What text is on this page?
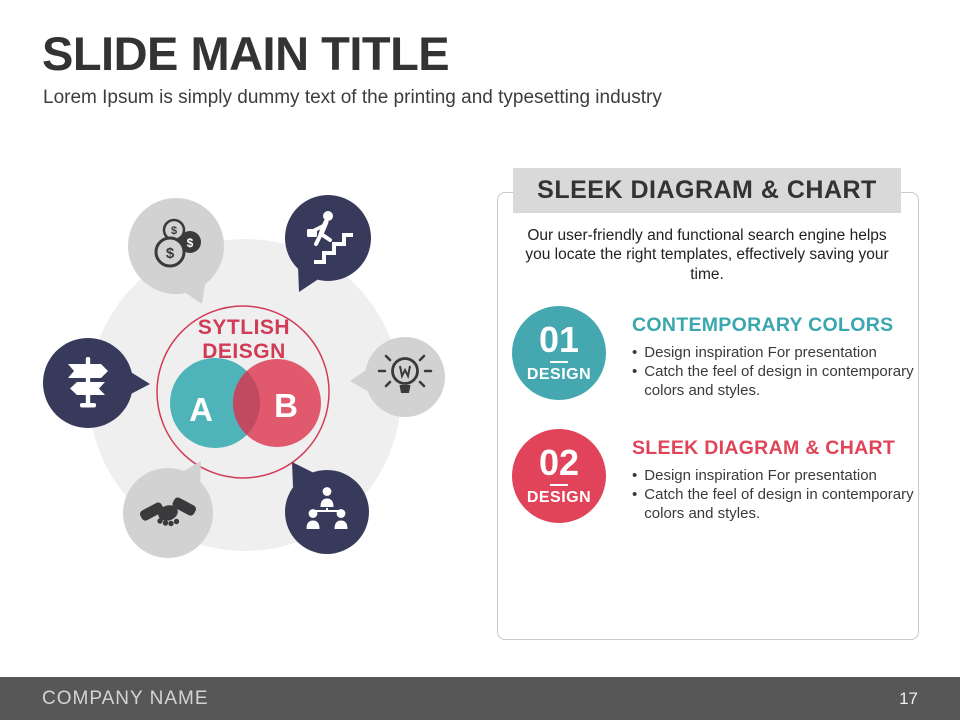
SLIDE MAIN TITLE

Lorem Ipsum is simply dummy text of the printing and typesetting industry

SYTLISH
DEISGN
A B
$
$
$
SLEEK DIAGRAM & CHART

Our user-friendly and functional search engine helps you locate the right templates, effectively saving your time.

01
DESIGN
CONTEMPORARY COLORS
• Design inspiration For presentation
• Catch the feel of design in contemporary colors and styles.
02
DESIGN
SLEEK DIAGRAM & CHART
• Design inspiration For presentation
• Catch the feel of design in contemporary colors and styles.
COMPANY NAME	17
